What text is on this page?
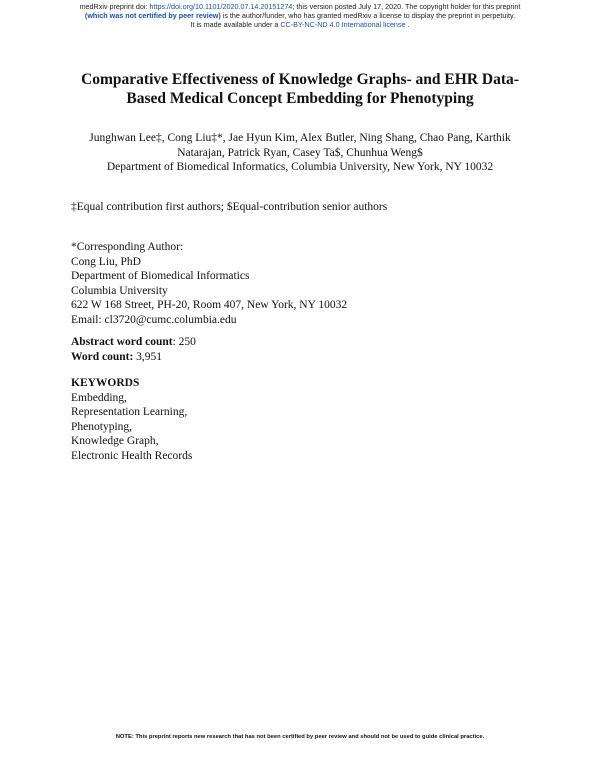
medRxiv preprint doi: https://doi.org/10.1101/2020.07.14.20151274; this version posted July 17, 2020. The copyright holder for this preprint
(which was not certified by peer review) is the author/funder, who has granted medRxiv a license to display the preprint in perpetuity.
It is made available under a CC-BY-NC-ND 4.0 International license .
Comparative Effectiveness of Knowledge Graphs- and EHR Data-
Based Medical Concept Embedding for Phenotyping
Junghwan Lee‡, Cong Liu‡*, Jae Hyun Kim, Alex Butler, Ning Shang, Chao Pang, Karthik
Natarajan, Patrick Ryan, Casey Ta$, Chunhua Weng$
Department of Biomedical Informatics, Columbia University, New York, NY 10032
‡Equal contribution first authors; $Equal-contribution senior authors
*Corresponding Author:
Cong Liu, PhD
Department of Biomedical Informatics
Columbia University
622 W 168 Street, PH-20, Room 407, New York, NY 10032
Email: cl3720@cumc.columbia.edu
Abstract word count: 250
Word count: 3,951
KEYWORDS
Embedding,
Representation Learning,
Phenotyping,
Knowledge Graph,
Electronic Health Records
NOTE: This preprint reports new research that has not been certified by peer review and should not be used to guide clinical practice.
